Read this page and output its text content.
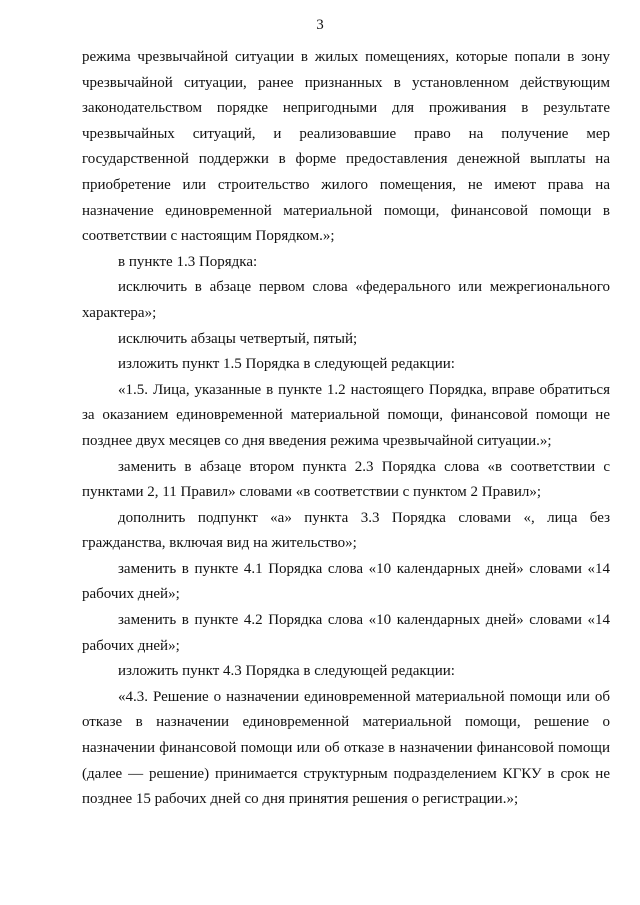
3

режима чрезвычайной ситуации в жилых помещениях, которые попали в зону чрезвычайной ситуации, ранее признанных в установленном действующим законодательством порядке непригодными для проживания в результате чрезвычайных ситуаций, и реализовавшие право на получение мер государственной поддержки в форме предоставления денежной выплаты на приобретение или строительство жилого помещения, не имеют права на назначение единовременной материальной помощи, финансовой помощи в соответствии с настоящим Порядком.»;

в пункте 1.3 Порядка:

исключить в абзаце первом слова «федерального или межрегионального характера»;

исключить абзацы четвертый, пятый;

изложить пункт 1.5 Порядка в следующей редакции:

«1.5. Лица, указанные в пункте 1.2 настоящего Порядка, вправе обратиться за оказанием единовременной материальной помощи, финансовой помощи не позднее двух месяцев со дня введения режима чрезвычайной ситуации.»;

заменить в абзаце втором пункта 2.3 Порядка слова «в соответствии с пунктами 2, 11 Правил» словами «в соответствии с пунктом 2 Правил»;

дополнить подпункт «а» пункта 3.3 Порядка словами «, лица без гражданства, включая вид на жительство»;

заменить в пункте 4.1 Порядка слова «10 календарных дней» словами «14 рабочих дней»;

заменить в пункте 4.2 Порядка слова «10 календарных дней» словами «14 рабочих дней»;

изложить пункт 4.3 Порядка в следующей редакции:

«4.3. Решение о назначении единовременной материальной помощи или об отказе в назначении единовременной материальной помощи, решение о назначении финансовой помощи или об отказе в назначении финансовой помощи (далее — решение) принимается структурным подразделением КГКУ в срок не позднее 15 рабочих дней со дня принятия решения о регистрации.»;
